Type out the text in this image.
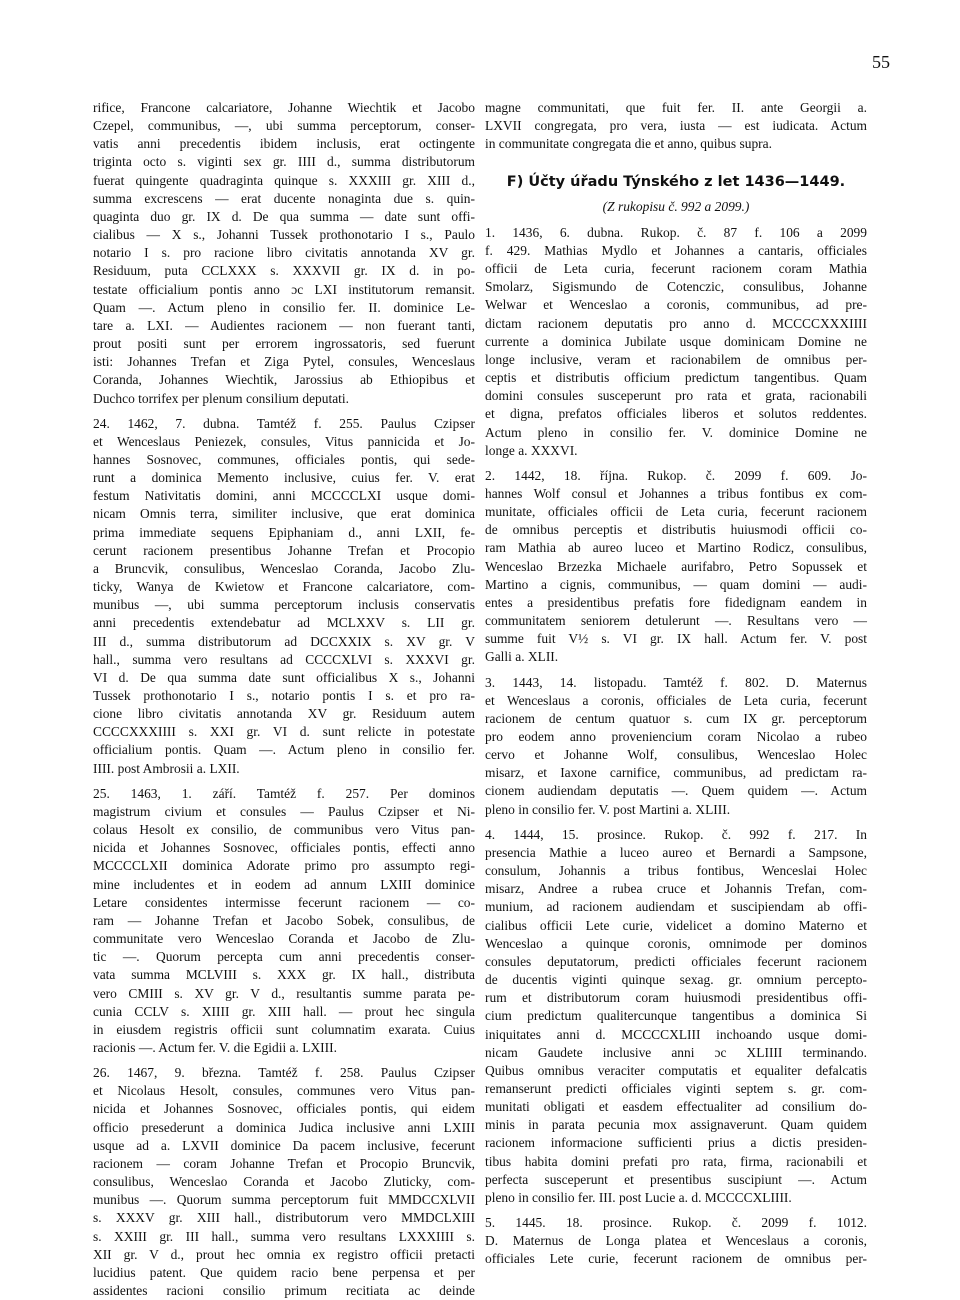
55
rifice, Francone calcariatore, Johanne Wiechtik et Jacobo
Czepel, communibus, —, ubi summa perceptorum, conser-
vatis anni precedentis ibidem inclusis, erat octingente
triginta octo s. viginti sex gr. IIII d., summa distributorum
fuerat quingente quadraginta quinque s. XXXIII gr. XIII d.,
summa excrescens — erat ducente nonaginta due s. quin-
quaginta duo gr. IX d. De qua summa — date sunt offi-
cialibus — X s., Johanni Tussek prothonotario I s., Paulo
notario I s. pro racione libro civitatis annotanda XV gr.
Residuum, puta CCLXXX s. XXXVII gr. IX d. in po-
testate officialium pontis anno ɔc LXI institutorum remansit.
Quam —. Actum pleno in consilio fer. II. dominice Le-
tare a. LXI. — Audientes racionem — non fuerant tanti,
prout positi sunt per errorem ingrossatoris, sed fuerunt
isti: Johannes Trefan et Ziga Pytel, consules, Wenceslaus
Coranda, Johannes Wiechtik, Jarossius ab Ethiopibus et
Duchco torrifex per plenum consilium deputati.
24. 1462, 7. dubna. Tamtéž f. 255. Paulus Czipser
et Wenceslaus Peniezek, consules, Vitus pannicida et Jo-
hannes Sosnovec, communes, officiales pontis, qui sede-
runt a dominica Memento inclusive, cuius fer. V. erat
festum Nativitatis domini, anni MCCCCLXI usque domi-
nicam Omnis terra, similiter inclusive, que erat dominica
prima immediate sequens Epiphaniam d., anni LXII, fe-
cerunt racionem presentibus Johanne Trefan et Procopio
a Bruncvik, consulibus, Wenceslao Coranda, Jacobo Zlu-
ticky, Wanya de Kwietow et Francone calcariatore, com-
munibus —, ubi summa perceptorum inclusis conservatis
anni precedentis extendebatur ad MCLXXV s. LII gr.
III d., summa distributorum ad DCCXXIX s. XV gr. V
hall., summa vero resultans ad CCCCXLVI s. XXXVI gr.
VI d. De qua summa date sunt officialibus X s., Johanni
Tussek prothonotario I s., notario pontis I s. et pro ra-
cione libro civitatis annotanda XV gr. Residuum autem
CCCCXXXIIII s. XXI gr. VI d. sunt relicte in potestate
officialium pontis. Quam —. Actum pleno in consilio fer.
IIII. post Ambrosii a. LXII.
25. 1463, 1. září. Tamtéž f. 257. Per dominos
magistrum civium et consules — Paulus Czipser et Ni-
colaus Hesolt ex consilio, de communibus vero Vitus pan-
nicida et Johannes Sosnovec, officiales pontis, effecti anno
MCCCCLXII dominica Adorate primo pro assumpto regi-
mine includentes et in eodem ad annum LXIII dominice
Letare considentes intermisse fecerunt racionem — co-
ram — Johanne Trefan et Jacobo Sobek, consulibus, de
communitate vero Wenceslao Coranda et Jacobo de Zlu-
tic —. Quorum percepta cum anni precedentis conser-
vata summa MCLVIII s. XXX gr. IX hall., distributa
vero CMIII s. XV gr. V d., resultantis summe parata pe-
cunia CCLV s. XIIII gr. XIII hall. — prout hec singula
in eiusdem registris officii sunt columnatim exarata. Cuius
racionis —. Actum fer. V. die Egidii a. LXIII.
26. 1467, 9. března. Tamtéž f. 258. Paulus Czipser
et Nicolaus Hesolt, consules, communes vero Vitus pan-
nicida et Johannes Sosnovec, officiales pontis, qui eidem
officio presederunt a dominica Judica inclusive anni LXIII
usque ad a. LXVII dominice Da pacem inclusive, fecerunt
racionem — coram Johanne Trefan et Procopio Bruncvik,
consulibus, Wenceslao Coranda et Jacobo Zluticky, com-
munibus —. Quorum summa perceptorum fuit MMDCCXLVII
s. XXXV gr. XIII hall., distributorum vero MMDCLXIII
s. XXIII gr. III hall., summa vero resultans LXXXIIII s.
XII gr. V d., prout hec omnia ex registro officii pretacti
lucidius patent. Que quidem racio bene perpensa et per
assidentes racioni consilio primum recitiata ac deinde
magne communitati, que fuit fer. II. ante Georgii a.
LXVII congregata, pro vera, iusta — est iudicata. Actum
in communitate congregata die et anno, quibus supra.
F) Účty úřadu Týnského z let 1436—1449.
(Z rukopisu č. 992 a 2099.)
1. 1436, 6. dubna. Rukop. č. 87 f. 106 a 2099
f. 429. Mathias Mydlo et Johannes a cantaris, officiales
officii de Leta curia, fecerunt racionem coram Mathia
Smolarz, Sigismundo de Cotenczic, consulibus, Johanne
Welwar et Wenceslao a coronis, communibus, ad pre-
dictam racionem deputatis pro anno d. MCCCCXXXIIII
currente a dominica Jubilate usque dominicam Domine ne
longe inclusive, veram et racionabilem de omnibus per-
ceptis et distributis officium predictum tangentibus. Quam
domini consules susceperunt pro rata et grata, racionabili
et digna, prefatos officiales liberos et solutos reddentes.
Actum pleno in consilio fer. V. dominice Domine ne
longe a. XXXVI.
2. 1442, 18. října. Rukop. č. 2099 f. 609. Jo-
hannes Wolf consul et Johannes a tribus fontibus ex com-
munitate, officiales officii de Leta curia, fecerunt racionem
de omnibus perceptis et distributis huiusmodi officii co-
ram Mathia ab aureo luceo et Martino Rodicz, consulibus,
Wenceslao Brzezka Michaele aurifabro, Petro Sopussek et
Martino a cignis, communibus, — quam domini — audi-
entes a presidentibus prefatis fore fidedignam eandem in
communitatem seniorem detulerunt —. Resultans vero —
summe fuit V½ s. VI gr. IX hall. Actum fer. V. post
Galli a. XLII.
3. 1443, 14. listopadu. Tamtéž f. 802. D. Maternus
et Wenceslaus a coronis, officiales de Leta curia, fecerunt
racionem de centum quatuor s. cum IX gr. perceptorum
pro eodem anno proveniencium coram Nicolao a rubeo
cervo et Johanne Wolf, consulibus, Wenceslao Holec
misarz, et Iaxone carnifice, communibus, ad predictam ra-
cionem audiendam deputatis —. Quem quidem —. Actum
pleno in consilio fer. V. post Martini a. XLIII.
4. 1444, 15. prosince. Rukop. č. 992 f. 217. In
presencia Mathie a luceo aureo et Bernardi a Sampsone,
consulum, Johannis a tribus fontibus, Wenceslai Holec
misarz, Andree a rubea cruce et Johannis Trefan, com-
munium, ad racionem audiendam et suscipiendam ab offi-
cialibus officii Lete curie, videlicet a domino Materno et
Wenceslao a quinque coronis, omnimode per dominos
consules deputatorum, predicti officiales fecerunt racionem
de ducentis viginti quinque sexag. gr. omnium percepto-
rum et distributorum coram huiusmodi presidentibus offi-
cium predictum qualitercunque tangentibus a dominica Si
iniquitates anni d. MCCCCXLIII inchoando usque domi-
nicam Gaudete inclusive anni ɔc XLIIII terminando.
Quibus omnibus veraciter computatis et equaliter defalcatis
remanserunt predicti officiales viginti septem s. gr. com-
munitati obligati et easdem effectualiter ad consilium do-
minis in parata pecunia mox assignaverunt. Quam quidem
racionem informacione sufficienti prius a dictis presiden-
tibus habita domini prefati pro rata, firma, racionabili et
perfecta susceperunt et presentibus suscipiunt —. Actum
pleno in consilio fer. III. post Lucie a. d. MCCCCXLIIII.
5. 1445. 18. prosince. Rukop. č. 2099 f. 1012.
D. Maternus de Longa platea et Wenceslaus a coronis,
officiales Lete curie, fecerunt racionem de omnibus per-
